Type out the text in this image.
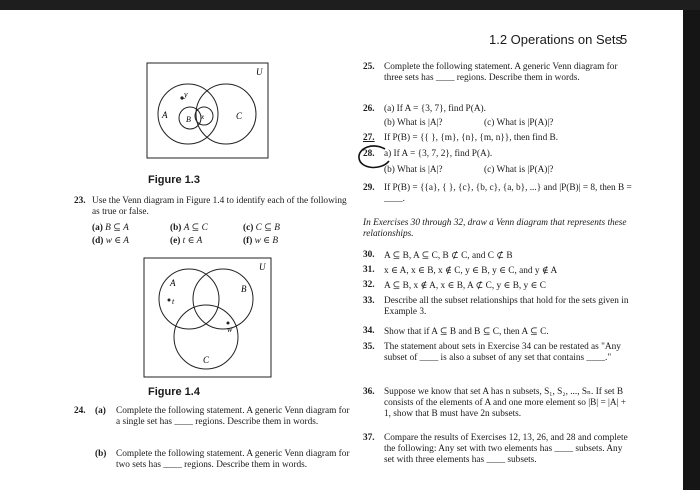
1.2 Operations on Sets
5
U
A B	C
y
x
Figure 1.3
23. Use the Venn diagram in Figure 1.4 to identify each of the following as true or false.
(a) B ⊆ A	(b) A ⊆ C	(c) C ⊆ B
(d) w ∈ A	(e) t ∈ A	(f) w ∈ B
U
A
B
C
t
w
Figure 1.4
24. (a) Complete the following statement. A generic Venn diagram for a single set has ____ regions. Describe them in words.
(b) Complete the following statement. A generic Venn diagram for two sets has ____ regions. Describe them in words.
25. Complete the following statement. A generic Venn diagram for three sets has ____ regions. Describe them in words.
26. (a) If A = {3, 7}, find P(A).
(b) What is |A|?	(c) What is |P(A)|?
27. If P(B) = {{ }, {m}, {n}, {m, n}}, then find B.
28. a) If A = {3, 7, 2}, find P(A).
(b) What is |A|?	(c) What is |P(A)|?
29. If P(B) = {{a}, { }, {c}, {b, c}, {a, b}, ...} and |P(B)| = 8, then B = ____.
In Exercises 30 through 32, draw a Venn diagram that represents these relationships.
30. A ⊆ B, A ⊆ C, B ⊄ C, and C ⊄ B
31. x ∈ A, x ∈ B, x ∉ C, y ∈ B, y ∈ C, and y ∉ A
32. A ⊆ B, x ∉ A, x ∈ B, A ⊄ C, y ∈ B, y ∈ C
33. Describe all the subset relationships that hold for the sets given in Example 3.
34. Show that if A ⊆ B and B ⊆ C, then A ⊆ C.
35. The statement about sets in Exercise 34 can be restated as "Any subset of ____ is also a subset of any set that contains ____."
36. Suppose we know that set A has n subsets, S₁, S₂, ..., Sₙ. If set B consists of the elements of A and one more element so |B| = |A| + 1, show that B must have 2n subsets.
37. Compare the results of Exercises 12, 13, 26, and 28 and complete the following: Any set with two elements has ____ subsets. Any set with three elements has ____ subsets.
